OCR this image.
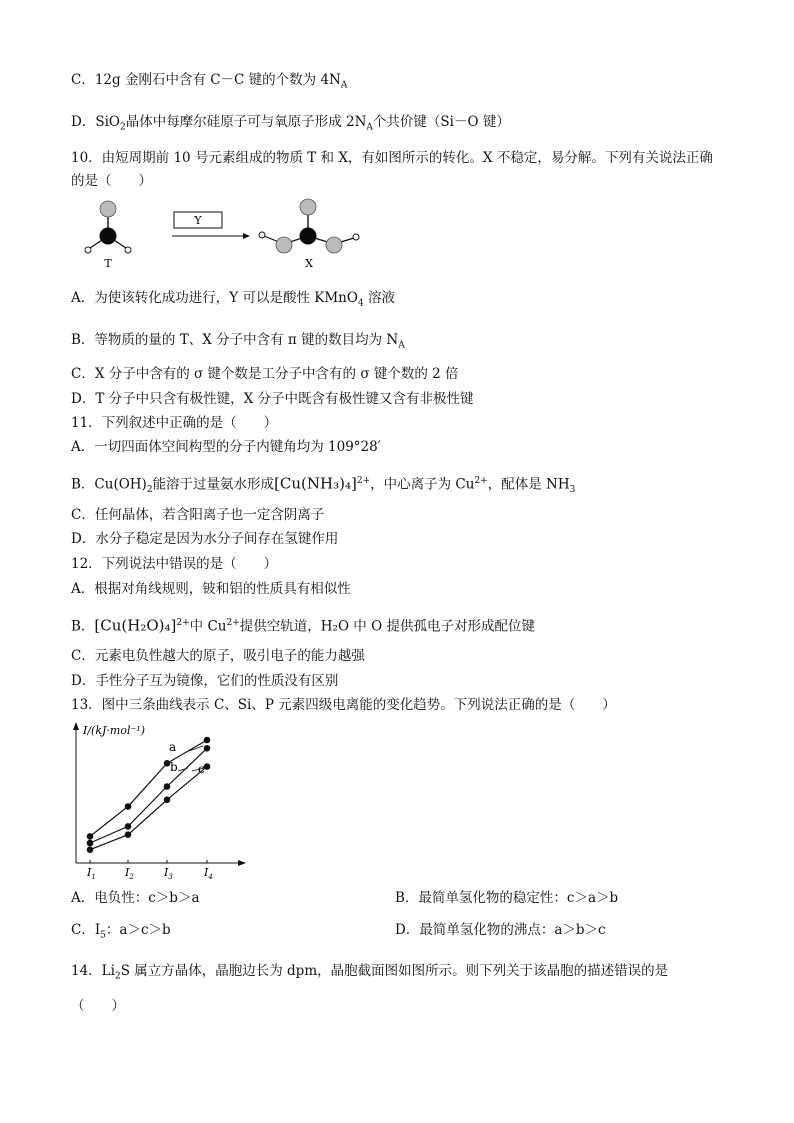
C．12g 金刚石中含有 C－C 键的个数为 $4N_A$
D．SiO$_2$晶体中每摩尔硅原子可与氧原子形成 $2N_A$个共价键（Si－O 键）
10．由短周期前 10 号元素组成的物质 T 和 X，有如图所示的转化。X 不稳定，易分解。下列有关说法正确
的是（　　）
T
Y
X
A．为使该转化成功进行，Y 可以是酸性 KMnO$_4$ 溶液
B．等物质的量的 T、X 分子中含有 π 键的数目均为 $N_A$
C．X 分子中含有的 σ 键个数是工分子中含有的 σ 键个数的 2 倍
D．T 分子中只含有极性键，X 分子中既含有极性键又含有非极性键
11．下列叙述中正确的是（　　）
A．一切四面体空间构型的分子内键角均为 109°28′
B．$Cu(OH)_2$能溶于过量氨水形成$[Cu(NH_3)_4]^{2+}$，中心离子为 $Cu^{2+}$，配体是 $NH_3$
C．任何晶体，若含阳离子也一定含阴离子
D．水分子稳定是因为水分子间存在氢键作用
12．下列说法中错误的是（　　）
A．根据对角线规则，铍和铝的性质具有相似性
B．$[Cu(H_2O)_4]^{2+}$中 $Cu^{2+}$提供空轨道，H₂O 中 O 提供孤电子对形成配位键
C．元素电负性越大的原子，吸引电子的能力越强
D．手性分子互为镜像，它们的性质没有区别
13．图中三条曲线表示 C、Si、P 元素四级电离能的变化趋势。下列说法正确的是（　　）
I/(kJ·mol⁻¹)
$I_1$	$I_2$	$I_3$	$I_4$
a
b c
A．电负性：c＞b＞a	B．最简单氢化物的稳定性：c＞a＞b
C．$I_5$：a＞c＞b	D．最简单氢化物的沸点：a＞b＞c
14．$Li_2S$ 属立方晶体，晶胞边长为 dpm，晶胞截面图如图所示。则下列关于该晶胞的描述错误的是
（　　）
